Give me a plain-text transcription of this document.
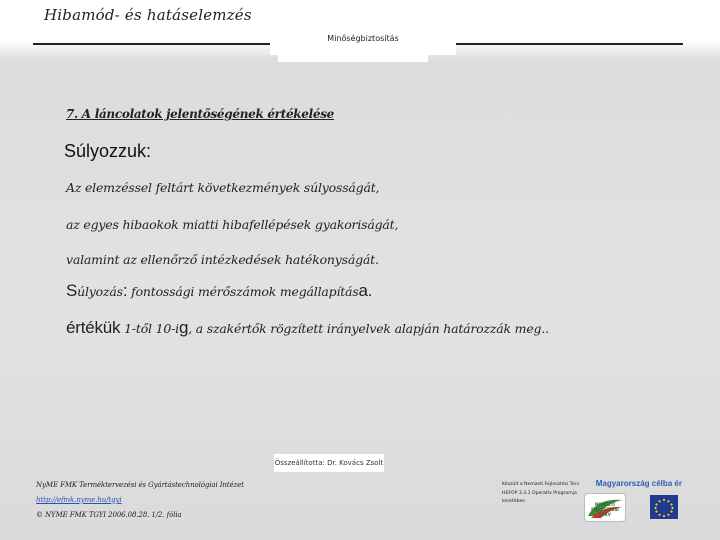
Hibamód- és hatáselemzés
Minőségbiztosítás
7. A láncolatok jelentőségének értékelése
Súlyozzuk:
Az elemzéssel feltárt következmények súlyosságát,
az egyes hibaokok miatti hibafellépések gyakoriságát,
valamint az ellenőrző intézkedések hatékonyságát.
Súlyozás: fontossági mérőszámok megállapítása.
értékük 1-től 10-ig, a szakértők rögzített irányelvek alapján határozzák meg..
Összeállította: Dr. Kovács Zsolt
NyME FMK Terméktervezési és Gyártástechnológiai Intézet
http://efmk.nyme.hu/tgyi
© NYME FMK TGYI 2006.08.28. 1/2. fólia
Készült a Nemzeti Fejlesztési Terv
HEFOP 3.3.1 Operatív Programja
keretében
Magyarország célba ér
NEMZETI
FEJLESZTÉSI
TERV
